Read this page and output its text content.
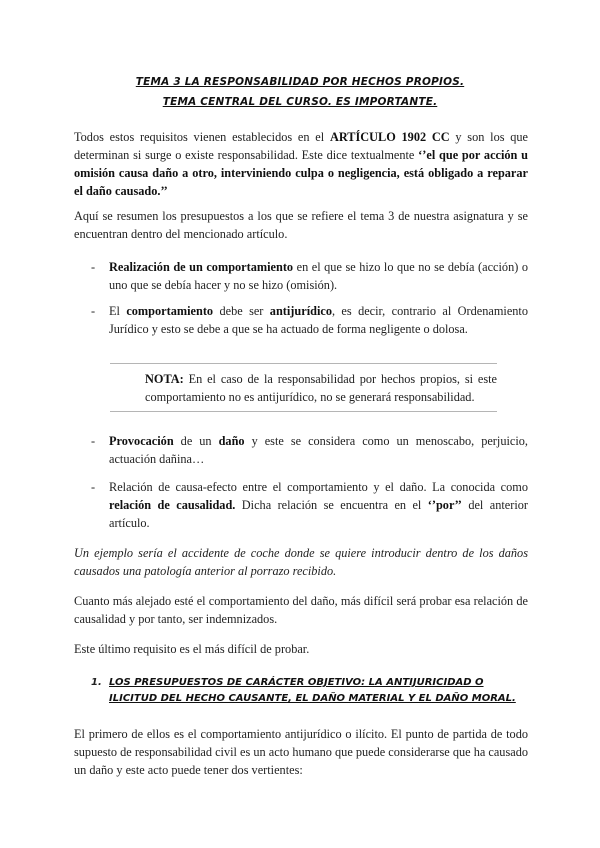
TEMA 3 LA RESPONSABILIDAD POR HECHOS PROPIOS.
TEMA CENTRAL DEL CURSO. ES IMPORTANTE.
Todos estos requisitos vienen establecidos en el ARTÍCULO 1902 CC y son los que determinan si surge o existe responsabilidad. Este dice textualmente ‘’el que por acción u omisión causa daño a otro, interviniendo culpa o negligencia, está obligado a reparar el daño causado.’’
Aquí se resumen los presupuestos a los que se refiere el tema 3 de nuestra asignatura y se encuentran dentro del mencionado artículo.
- Realización de un comportamiento en el que se hizo lo que no se debía (acción) o uno que se debía hacer y no se hizo (omisión).
- El comportamiento debe ser antijurídico, es decir, contrario al Ordenamiento Jurídico y esto se debe a que se ha actuado de forma negligente o dolosa.
NOTA: En el caso de la responsabilidad por hechos propios, si este comportamiento no es antijurídico, no se generará responsabilidad.
- Provocación de un daño y este se considera como un menoscabo, perjuicio, actuación dañina…
- Relación de causa-efecto entre el comportamiento y el daño. La conocida como relación de causalidad. Dicha relación se encuentra en el ‘’por’’ del anterior artículo.
Un ejemplo sería el accidente de coche donde se quiere introducir dentro de los daños causados una patología anterior al porrazo recibido.
Cuanto más alejado esté el comportamiento del daño, más difícil será probar esa relación de causalidad y por tanto, ser indemnizados.
Este último requisito es el más difícil de probar.
1. LOS PRESUPUESTOS DE CARÁCTER OBJETIVO: LA ANTIJURICIDAD O ILICITUD DEL HECHO CAUSANTE, EL DAÑO MATERIAL Y EL DAÑO MORAL.
El primero de ellos es el comportamiento antijurídico o ilícito. El punto de partida de todo supuesto de responsabilidad civil es un acto humano que puede considerarse que ha causado un daño y este acto puede tener dos vertientes:
